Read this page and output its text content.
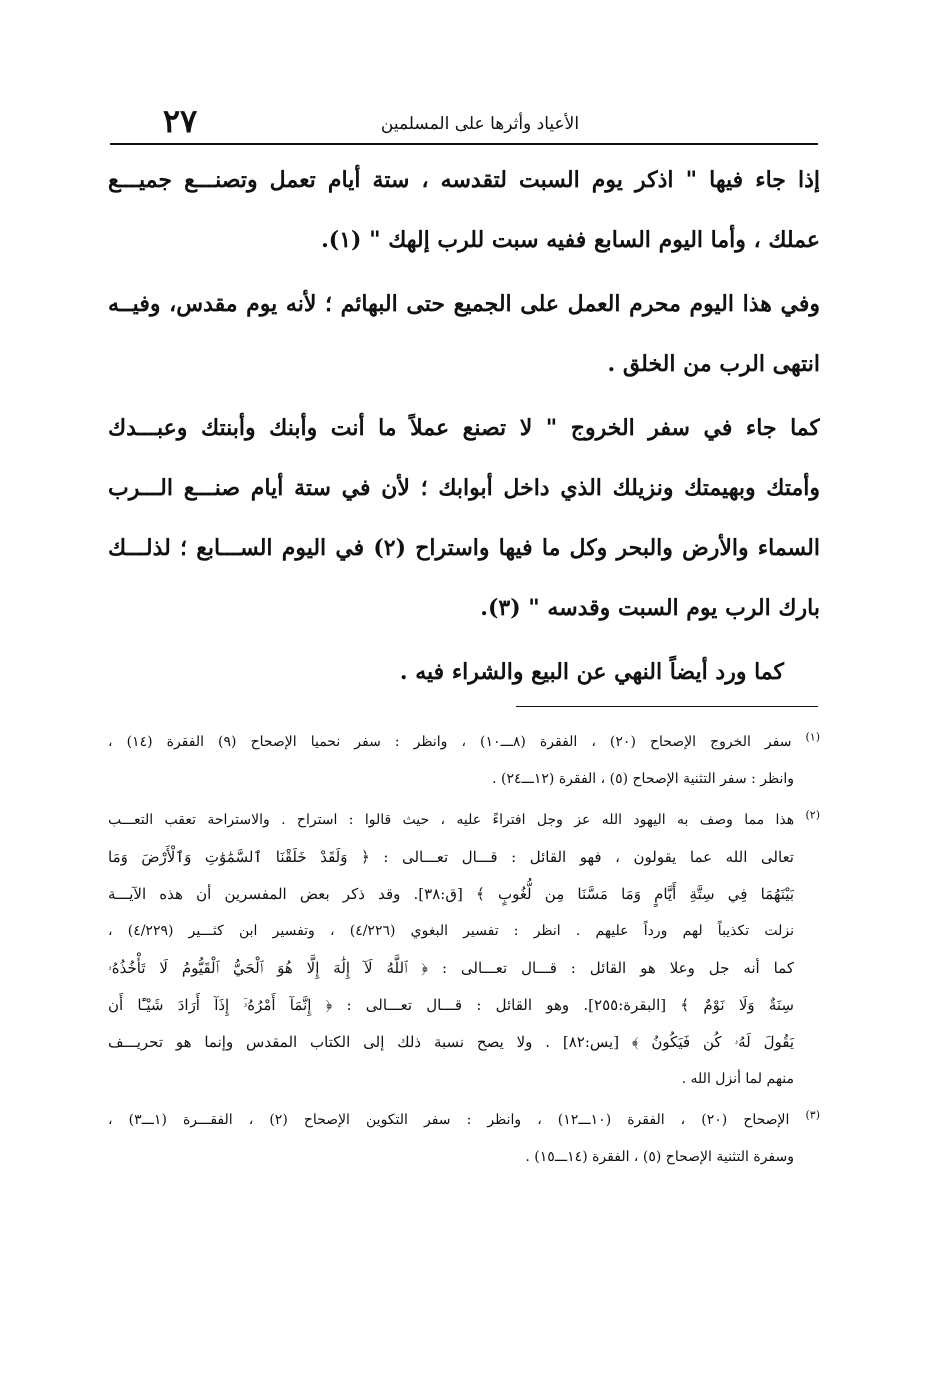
الأعياد وأثرها على المسلمين
٢٧
إذا جاء فيها " اذكر يوم السبت لتقدسه ، ستة أيام تعمل وتصنـــع جميـــع
عملك ، وأما اليوم السابع ففيه سبت للرب إلهك " (١).
وفي هذا اليوم محرم العمل على الجميع حتى البهائم ؛ لأنه يوم مقدس، وفيــه
انتهى الرب من الخلق .
كما جاء في سفر الخروج " لا تصنع عملاً ما أنت وأبنك وأبنتك وعبـــدك
وأمتك وبهيمتك ونزيلك الذي داخل أبوابك ؛ لأن في ستة أيام صنـــع الـــرب
السماء والأرض والبحر وكل ما فيها واستراح (٢) في اليوم الســـابع ؛ لذلـــك
بارك الرب يوم السبت وقدسه " (٣).
كما ورد أيضاً النهي عن البيع والشراء فيه .
$^{(١)}$ سفر الخروج الإصحاح (٢٠) ، الفقرة (٨ـــ١٠) ، وانظر : سفر نحميا الإصحاح (٩) الفقرة (١٤) ،
وانظر : سفر التثنية الإصحاح (٥) ، الفقرة (١٢ـــ٢٤) .
$^{(٢)}$ هذا مما وصف به اليهود الله عز وجل افتراءً عليه ، حيث قالوا : استراح . والاستراحة تعقب التعـــب
تعالى الله عما يقولون ، فهو القائل : قـــال تعـــالى : ﴿ وَلَقَدْ خَلَقْنَا ٱلسَّمَٰوَٰتِ وَٱلْأَرْضَ وَمَا
بَيْنَهُمَا فِي سِتَّةِ أَيَّامٍ وَمَا مَسَّنَا مِن لُّغُوبٍ ﴾ [ق:٣٨]. وقد ذكر بعض المفسرين أن هذه الآيـــة
نزلت تكذيباً لهم ورداً عليهم . انظر : تفسير البغوي (٤/٢٢٦) ، وتفسير ابن كثـــير (٤/٢٢٩) ،
كما أنه جل وعلا هو القائل : قـــال تعـــالى : ﴿ ٱللَّهُ لَآ إِلَٰهَ إِلَّا هُوَ ٱلْحَيُّ ٱلْقَيُّومُ لَا تَأْخُذُهُۥ
سِنَةٌ وَلَا نَوْمٌ ﴾ [البقرة:٢٥٥]. وهو القائل : قـــال تعـــالى : ﴿ إِنَّمَآ أَمْرُهُۥٓ إِذَآ أَرَادَ شَيْـًٔا أَن
يَقُولَ لَهُۥ كُن فَيَكُونُ ﴾ [يس:٨٢] . ولا يصح نسبة ذلك إلى الكتاب المقدس وإنما هو تحريـــف
منهم لما أنزل الله .
$^{(٣)}$ الإصحاح (٢٠) ، الفقرة (١٠ـــ١٢) ، وانظر : سفر التكوين الإصحاح (٢) ، الفقـــرة (١ـــ٣) ،
وسفرة التثنية الإصحاح (٥) ، الفقرة (١٤ـــ١٥) .
